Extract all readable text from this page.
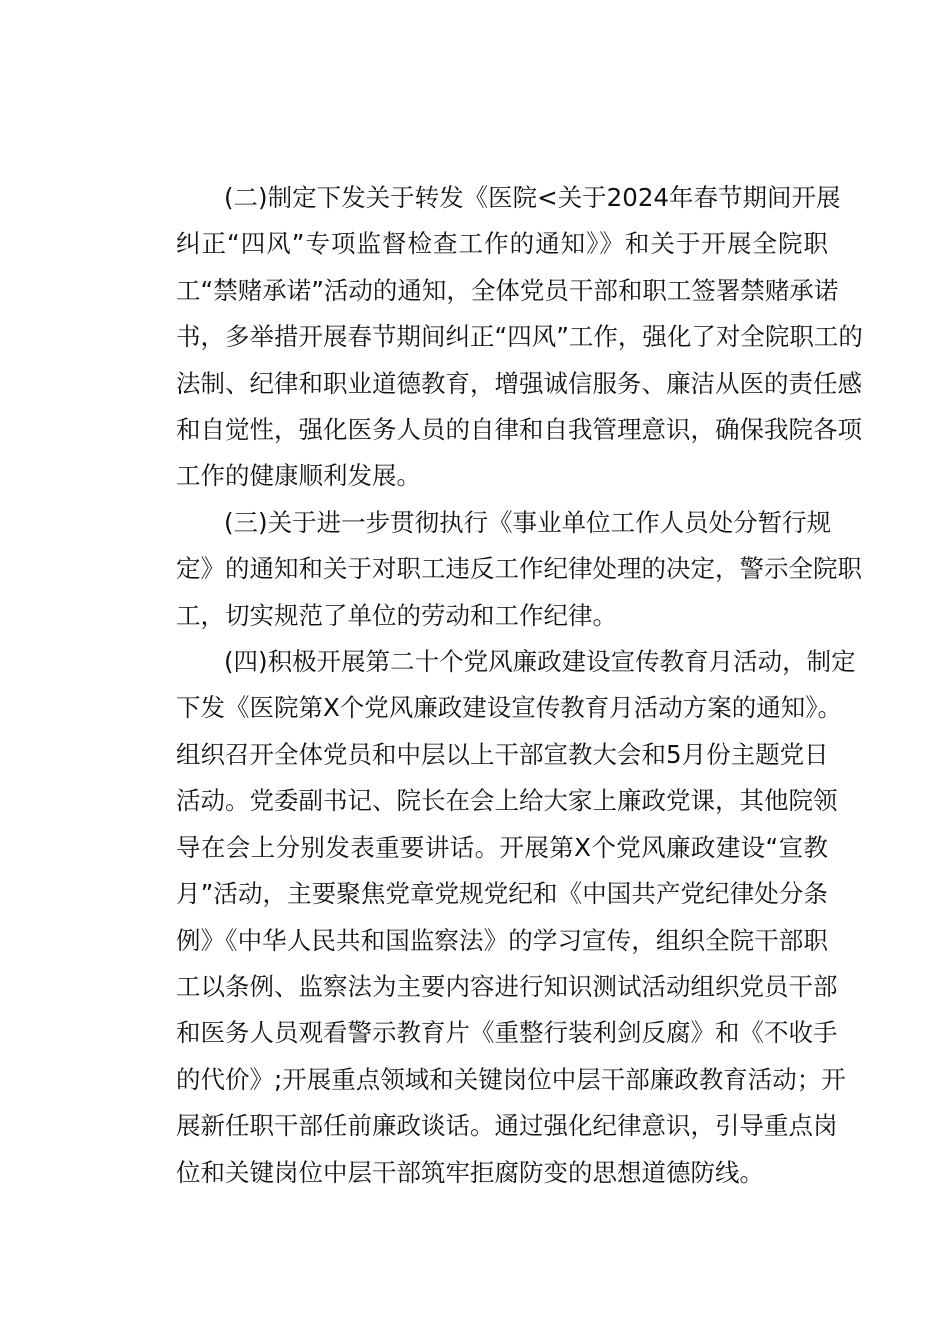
(二)制定下发关于转发《医院<关于2024年春节期间开展
纠正“四风”专项监督检查工作的通知》》和关于开展全院职
工“禁赌承诺”活动的通知，全体党员干部和职工签署禁赌承诺
书，多举措开展春节期间纠正“四风”工作，强化了对全院职工的
法制、纪律和职业道德教育，增强诚信服务、廉洁从医的责任感
和自觉性，强化医务人员的自律和自我管理意识，确保我院各项
工作的健康顺利发展。
(三)关于进一步贯彻执行《事业单位工作人员处分暂行规
定》的通知和关于对职工违反工作纪律处理的决定，警示全院职
工，切实规范了单位的劳动和工作纪律。
(四)积极开展第二十个党风廉政建设宣传教育月活动，制定
下发《医院第X个党风廉政建设宣传教育月活动方案的通知》。
组织召开全体党员和中层以上干部宣教大会和5月份主题党日
活动。党委副书记、院长在会上给大家上廉政党课，其他院领
导在会上分别发表重要讲话。开展第X个党风廉政建设“宣教
月”活动，主要聚焦党章党规党纪和《中国共产党纪律处分条
例》《中华人民共和国监察法》的学习宣传，组织全院干部职
工以条例、监察法为主要内容进行知识测试活动组织党员干部
和医务人员观看警示教育片《重整行装利剑反腐》和《不收手
的代价》;开展重点领域和关键岗位中层干部廉政教育活动；开
展新任职干部任前廉政谈话。通过强化纪律意识，引导重点岗
位和关键岗位中层干部筑牢拒腐防变的思想道德防线。
